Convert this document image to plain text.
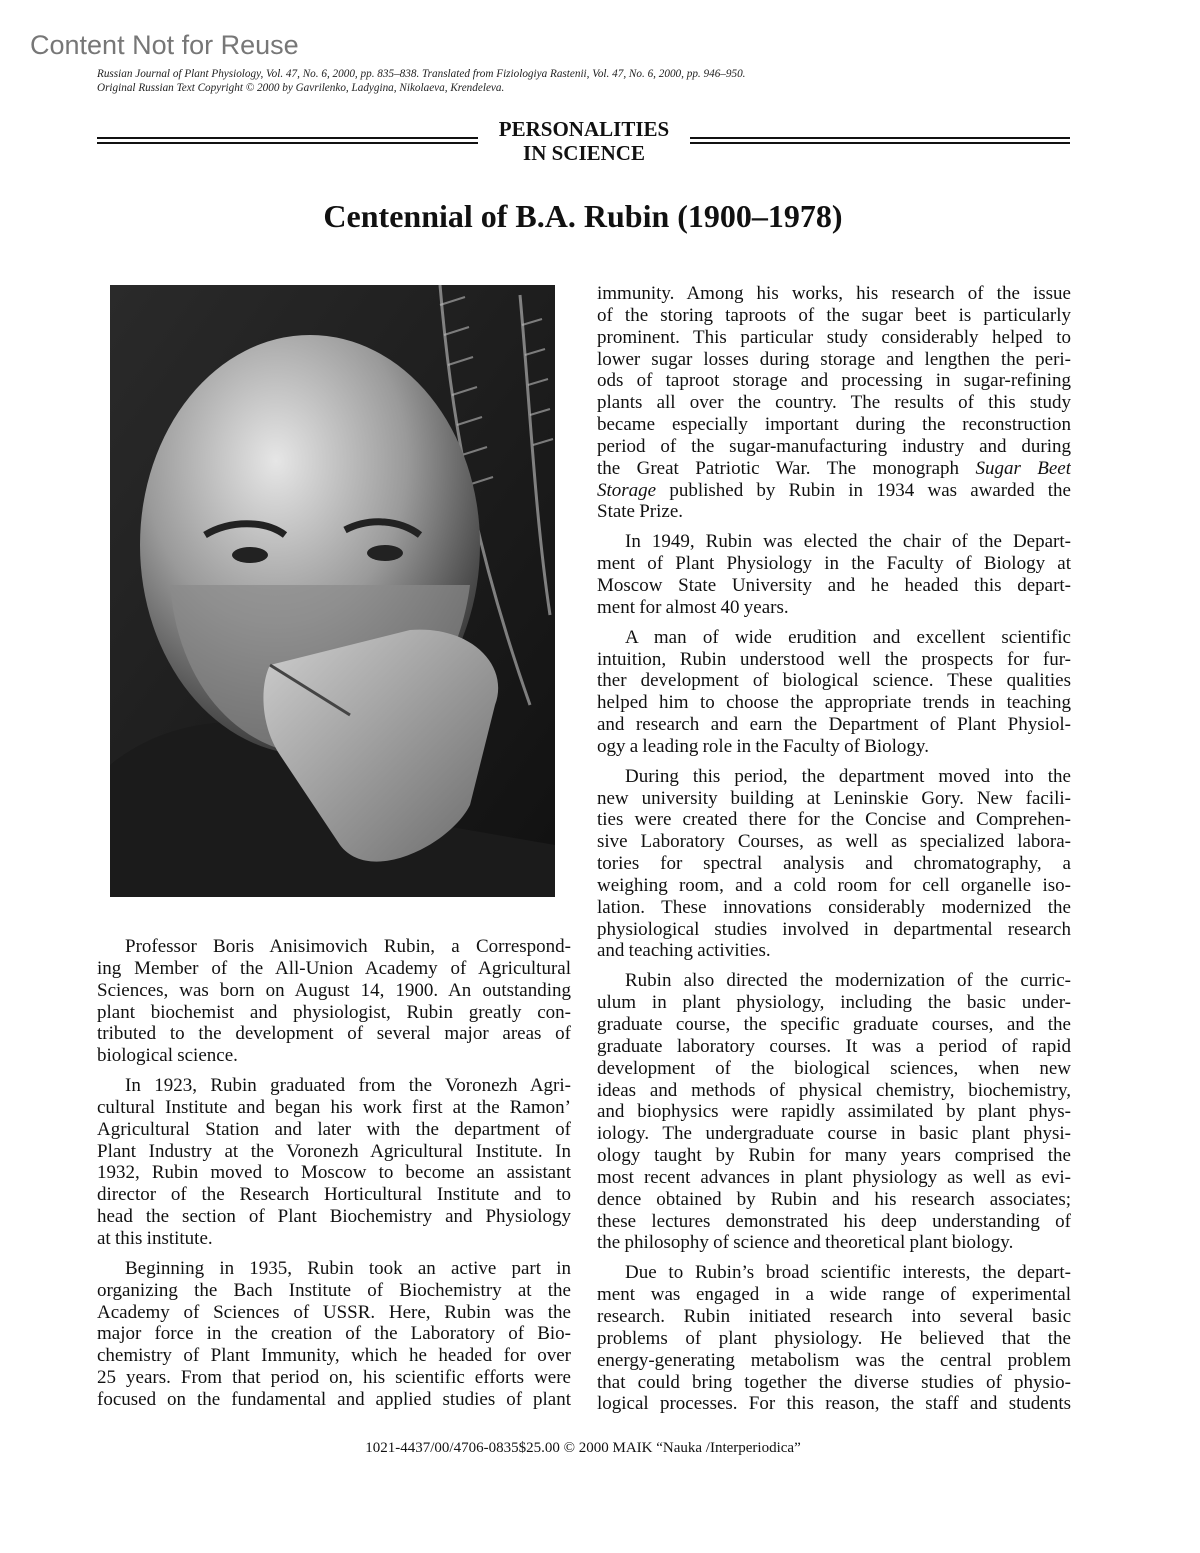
Content Not for Reuse
Russian Journal of Plant Physiology, Vol. 47, No. 6, 2000, pp. 835–838. Translated from Fiziologiya Rastenii, Vol. 47, No. 6, 2000, pp. 946–950.
Original Russian Text Copyright © 2000 by Gavrilenko, Ladygina, Nikolaeva, Krendeleva.
PERSONALITIES
IN SCIENCE
Centennial of B.A. Rubin (1900–1978)
Professor Boris Anisimovich Rubin, a Correspond-
ing Member of the All-Union Academy of Agricultural
Sciences, was born on August 14, 1900. An outstanding
plant biochemist and physiologist, Rubin greatly con-
tributed to the development of several major areas of
biological science.
In 1923, Rubin graduated from the Voronezh Agri-
cultural Institute and began his work first at the Ramon’
Agricultural Station and later with the department of
Plant Industry at the Voronezh Agricultural Institute. In
1932, Rubin moved to Moscow to become an assistant
director of the Research Horticultural Institute and to
head the section of Plant Biochemistry and Physiology
at this institute.
Beginning in 1935, Rubin took an active part in
organizing the Bach Institute of Biochemistry at the
Academy of Sciences of USSR. Here, Rubin was the
major force in the creation of the Laboratory of Bio-
chemistry of Plant Immunity, which he headed for over
25 years. From that period on, his scientific efforts were
focused on the fundamental and applied studies of plant
immunity. Among his works, his research of the issue
of the storing taproots of the sugar beet is particularly
prominent. This particular study considerably helped to
lower sugar losses during storage and lengthen the peri-
ods of taproot storage and processing in sugar-refining
plants all over the country. The results of this study
became especially important during the reconstruction
period of the sugar-manufacturing industry and during
the Great Patriotic War. The monograph Sugar Beet
Storage published by Rubin in 1934 was awarded the
State Prize.
In 1949, Rubin was elected the chair of the Depart-
ment of Plant Physiology in the Faculty of Biology at
Moscow State University and he headed this depart-
ment for almost 40 years.
A man of wide erudition and excellent scientific
intuition, Rubin understood well the prospects for fur-
ther development of biological science. These qualities
helped him to choose the appropriate trends in teaching
and research and earn the Department of Plant Physiol-
ogy a leading role in the Faculty of Biology.
During this period, the department moved into the
new university building at Leninskie Gory. New facili-
ties were created there for the Concise and Comprehen-
sive Laboratory Courses, as well as specialized labora-
tories for spectral analysis and chromatography, a
weighing room, and a cold room for cell organelle iso-
lation. These innovations considerably modernized the
physiological studies involved in departmental research
and teaching activities.
Rubin also directed the modernization of the curric-
ulum in plant physiology, including the basic under-
graduate course, the specific graduate courses, and the
graduate laboratory courses. It was a period of rapid
development of the biological sciences, when new
ideas and methods of physical chemistry, biochemistry,
and biophysics were rapidly assimilated by plant phys-
iology. The undergraduate course in basic plant physi-
ology taught by Rubin for many years comprised the
most recent advances in plant physiology as well as evi-
dence obtained by Rubin and his research associates;
these lectures demonstrated his deep understanding of
the philosophy of science and theoretical plant biology.
Due to Rubin’s broad scientific interests, the depart-
ment was engaged in a wide range of experimental
research. Rubin initiated research into several basic
problems of plant physiology. He believed that the
energy-generating metabolism was the central problem
that could bring together the diverse studies of physio-
logical processes. For this reason, the staff and students
1021-4437/00/4706-0835$25.00 © 2000 MAIK “Nauka /Interperiodica”
